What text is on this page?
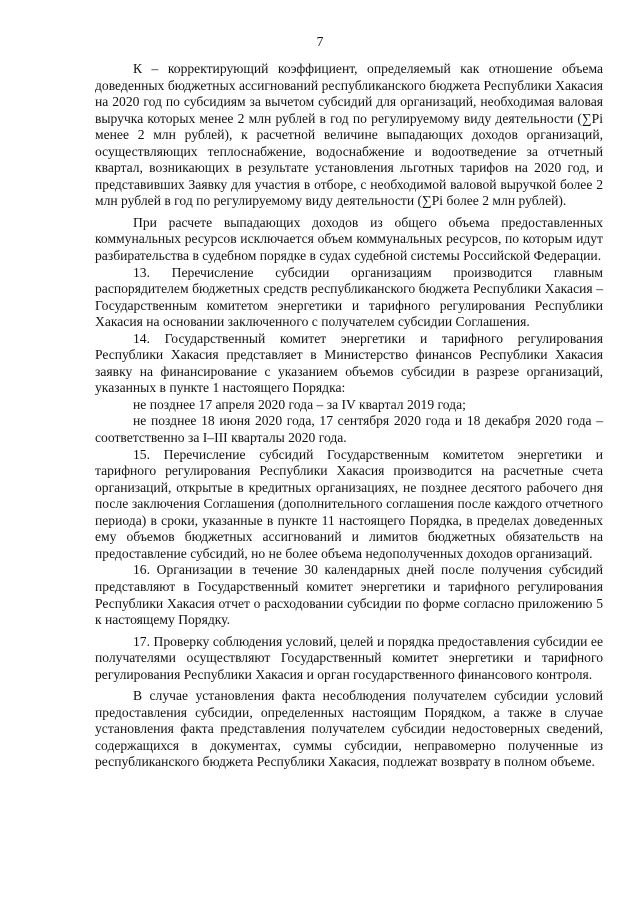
7

К – корректирующий коэффициент, определяемый как отношение объема доведенных бюджетных ассигнований республиканского бюджета Республики Хакасия на 2020 год по субсидиям за вычетом субсидий для организаций, необходимая валовая выручка которых менее 2 млн рублей в год по регулируемому виду деятельности (∑Pi менее 2 млн рублей), к расчетной величине выпадающих доходов организаций, осуществляющих теплоснабжение, водоснабжение и водоотведение за отчетный квартал, возникающих в результате установления льготных тарифов на 2020 год, и представивших Заявку для участия в отборе, с необходимой валовой выручкой более 2 млн рублей в год по регулируемому виду деятельности (∑Pi более 2 млн рублей).

При расчете выпадающих доходов из общего объема предоставленных коммунальных ресурсов исключается объем коммунальных ресурсов, по которым идут разбирательства в судебном порядке в судах судебной системы Российской Федерации.

13. Перечисление субсидии организациям производится главным распорядителем бюджетных средств республиканского бюджета Республики Хакасия – Государственным комитетом энергетики и тарифного регулирования Республики Хакасия на основании заключенного с получателем субсидии Соглашения.

14. Государственный комитет энергетики и тарифного регулирования Республики Хакасия представляет в Министерство финансов Республики Хакасия заявку на финансирование с указанием объемов субсидии в разрезе организаций, указанных в пункте 1 настоящего Порядка:

не позднее 17 апреля 2020 года – за IV квартал 2019 года;

не позднее 18 июня 2020 года, 17 сентября 2020 года и 18 декабря 2020 года – соответственно за I–III кварталы 2020 года.

15. Перечисление субсидий Государственным комитетом энергетики и тарифного регулирования Республики Хакасия производится на расчетные счета организаций, открытые в кредитных организациях, не позднее десятого рабочего дня после заключения Соглашения (дополнительного соглашения после каждого отчетного периода) в сроки, указанные в пункте 11 настоящего Порядка, в пределах доведенных ему объемов бюджетных ассигнований и лимитов бюджетных обязательств на предоставление субсидий, но не более объема недополученных доходов организаций.

16. Организации в течение 30 календарных дней после получения субсидий представляют в Государственный комитет энергетики и тарифного регулирования Республики Хакасия отчет о расходовании субсидии по форме согласно приложению 5 к настоящему Порядку.

17. Проверку соблюдения условий, целей и порядка предоставления субсидии ее получателями осуществляют Государственный комитет энергетики и тарифного регулирования Республики Хакасия и орган государственного финансового контроля.

В случае установления факта несоблюдения получателем субсидии условий предоставления субсидии, определенных настоящим Порядком, а также в случае установления факта представления получателем субсидии недостоверных сведений, содержащихся в документах, суммы субсидии, неправомерно полученные из республиканского бюджета Республики Хакасия, подлежат возврату в полном объеме.
